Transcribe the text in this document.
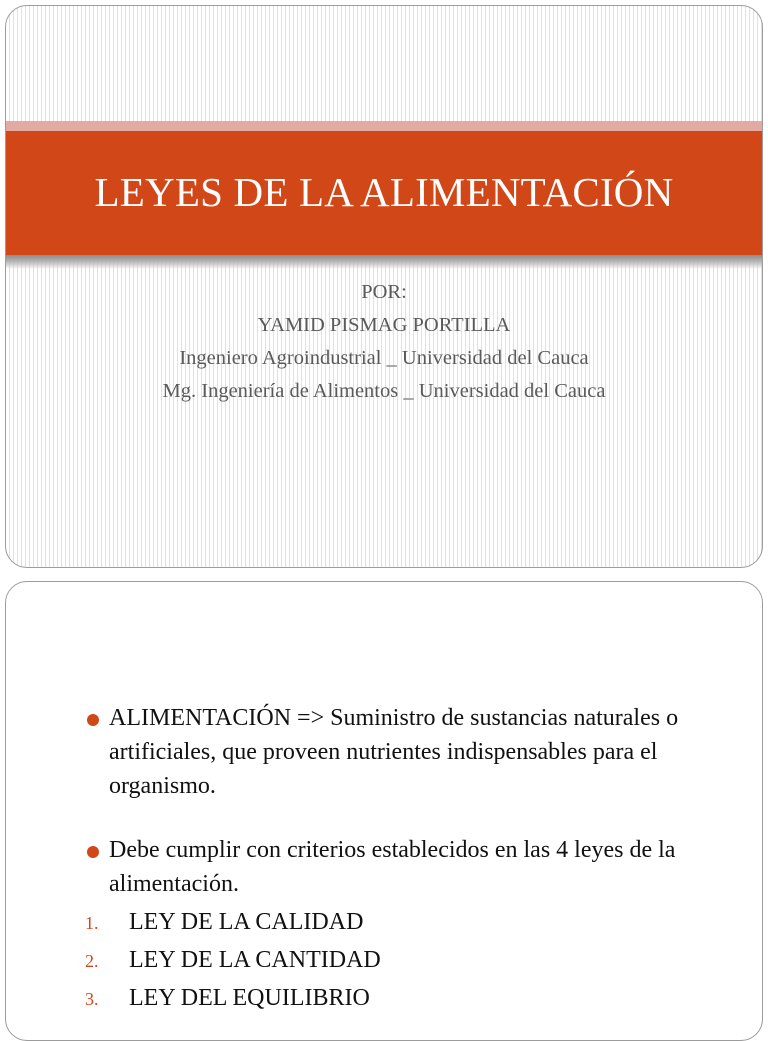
LEYES DE LA ALIMENTACIÓN
POR:
YAMID PISMAG PORTILLA
Ingeniero Agroindustrial _ Universidad del Cauca
Mg. Ingeniería de Alimentos _ Universidad del Cauca
ALIMENTACIÓN => Suministro de sustancias naturales o artificiales, que proveen nutrientes indispensables para el organismo.
Debe cumplir con criterios establecidos en las 4 leyes de la alimentación.
1. LEY DE LA CALIDAD
2. LEY DE LA CANTIDAD
3. LEY DEL EQUILIBRIO
